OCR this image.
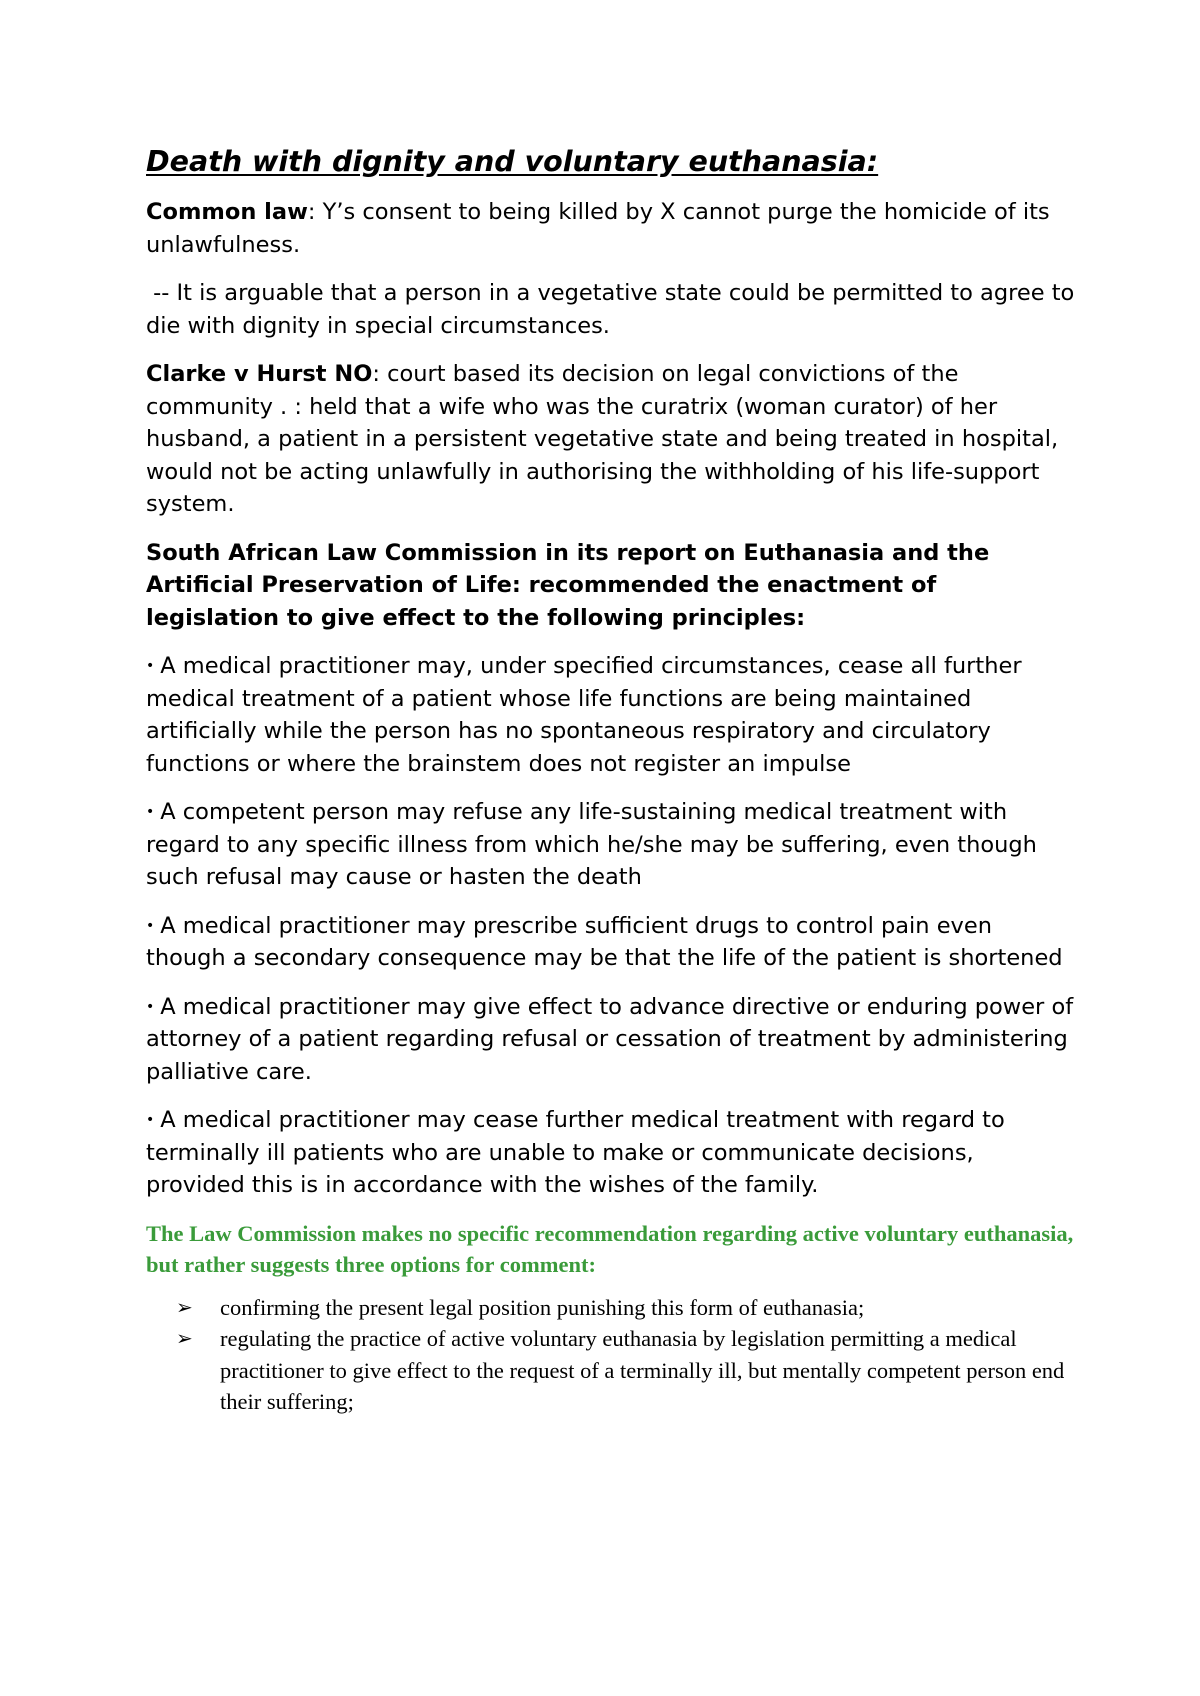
Death with dignity and voluntary euthanasia:

Common law: Y’s consent to being killed by X cannot purge the homicide of its unlawfulness.

-- It is arguable that a person in a vegetative state could be permitted to agree to die with dignity in special circumstances.

Clarke v Hurst NO: court based its decision on legal convictions of the community . : held that a wife who was the curatrix (woman curator) of her husband, a patient in a persistent vegetative state and being treated in hospital, would not be acting unlawfully in authorising the withholding of his life-support system.

South African Law Commission in its report on Euthanasia and the Artificial Preservation of Life: recommended the enactment of legislation to give effect to the following principles:

• A medical practitioner may, under specified circumstances, cease all further medical treatment of a patient whose life functions are being maintained artificially while the person has no spontaneous respiratory and circulatory functions or where the brainstem does not register an impulse

• A competent person may refuse any life-sustaining medical treatment with regard to any specific illness from which he/she may be suffering, even though such refusal may cause or hasten the death

• A medical practitioner may prescribe sufficient drugs to control pain even though a secondary consequence may be that the life of the patient is shortened

• A medical practitioner may give effect to advance directive or enduring power of attorney of a patient regarding refusal or cessation of treatment by administering palliative care.

• A medical practitioner may cease further medical treatment with regard to terminally ill patients who are unable to make or communicate decisions, provided this is in accordance with the wishes of the family.

The Law Commission makes no specific recommendation regarding active voluntary euthanasia, but rather suggests three options for comment:

➢ confirming the present legal position punishing this form of euthanasia;
➢ regulating the practice of active voluntary euthanasia by legislation permitting a medical practitioner to give effect to the request of a terminally ill, but mentally competent person end their suffering;
